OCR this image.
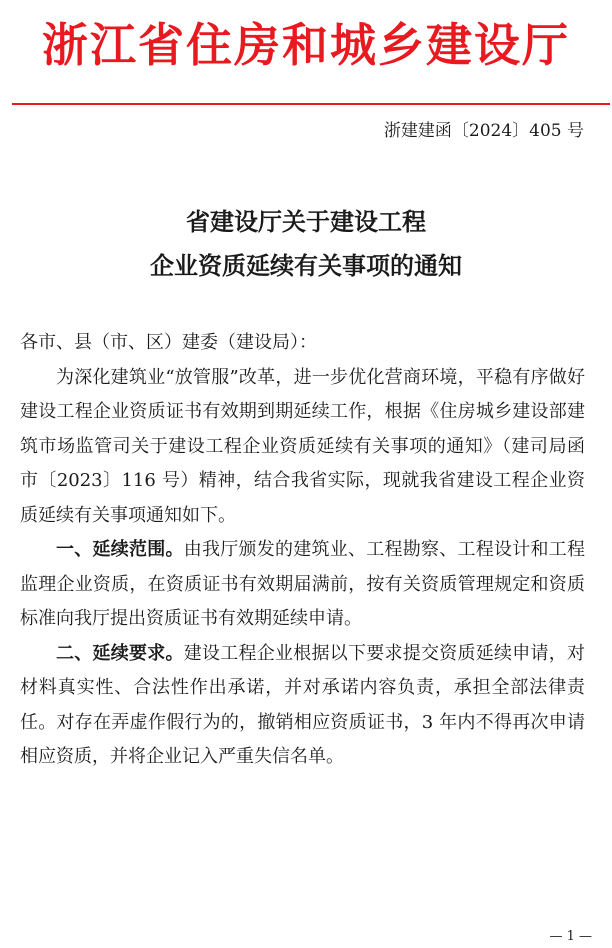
浙江省住房和城乡建设厅
浙建建函〔2024〕405 号
省建设厅关于建设工程
企业资质延续有关事项的通知

各市、县（市、区）建委（建设局）：

为深化建筑业“放管服”改革，进一步优化营商环境，平稳有序做好建设工程企业资质证书有效期到期延续工作，根据《住房城乡建设部建筑市场监管司关于建设工程企业资质延续有关事项的通知》（建司局函市〔2023〕116 号）精神，结合我省实际，现就我省建设工程企业资质延续有关事项通知如下。

一、延续范围。由我厅颁发的建筑业、工程勘察、工程设计和工程监理企业资质，在资质证书有效期届满前，按有关资质管理规定和资质标准向我厅提出资质证书有效期延续申请。

二、延续要求。建设工程企业根据以下要求提交资质延续申请，对材料真实性、合法性作出承诺，并对承诺内容负责，承担全部法律责任。对存在弄虚作假行为的，撤销相应资质证书，3 年内不得再次申请相应资质，并将企业记入严重失信名单。

— 1 —
